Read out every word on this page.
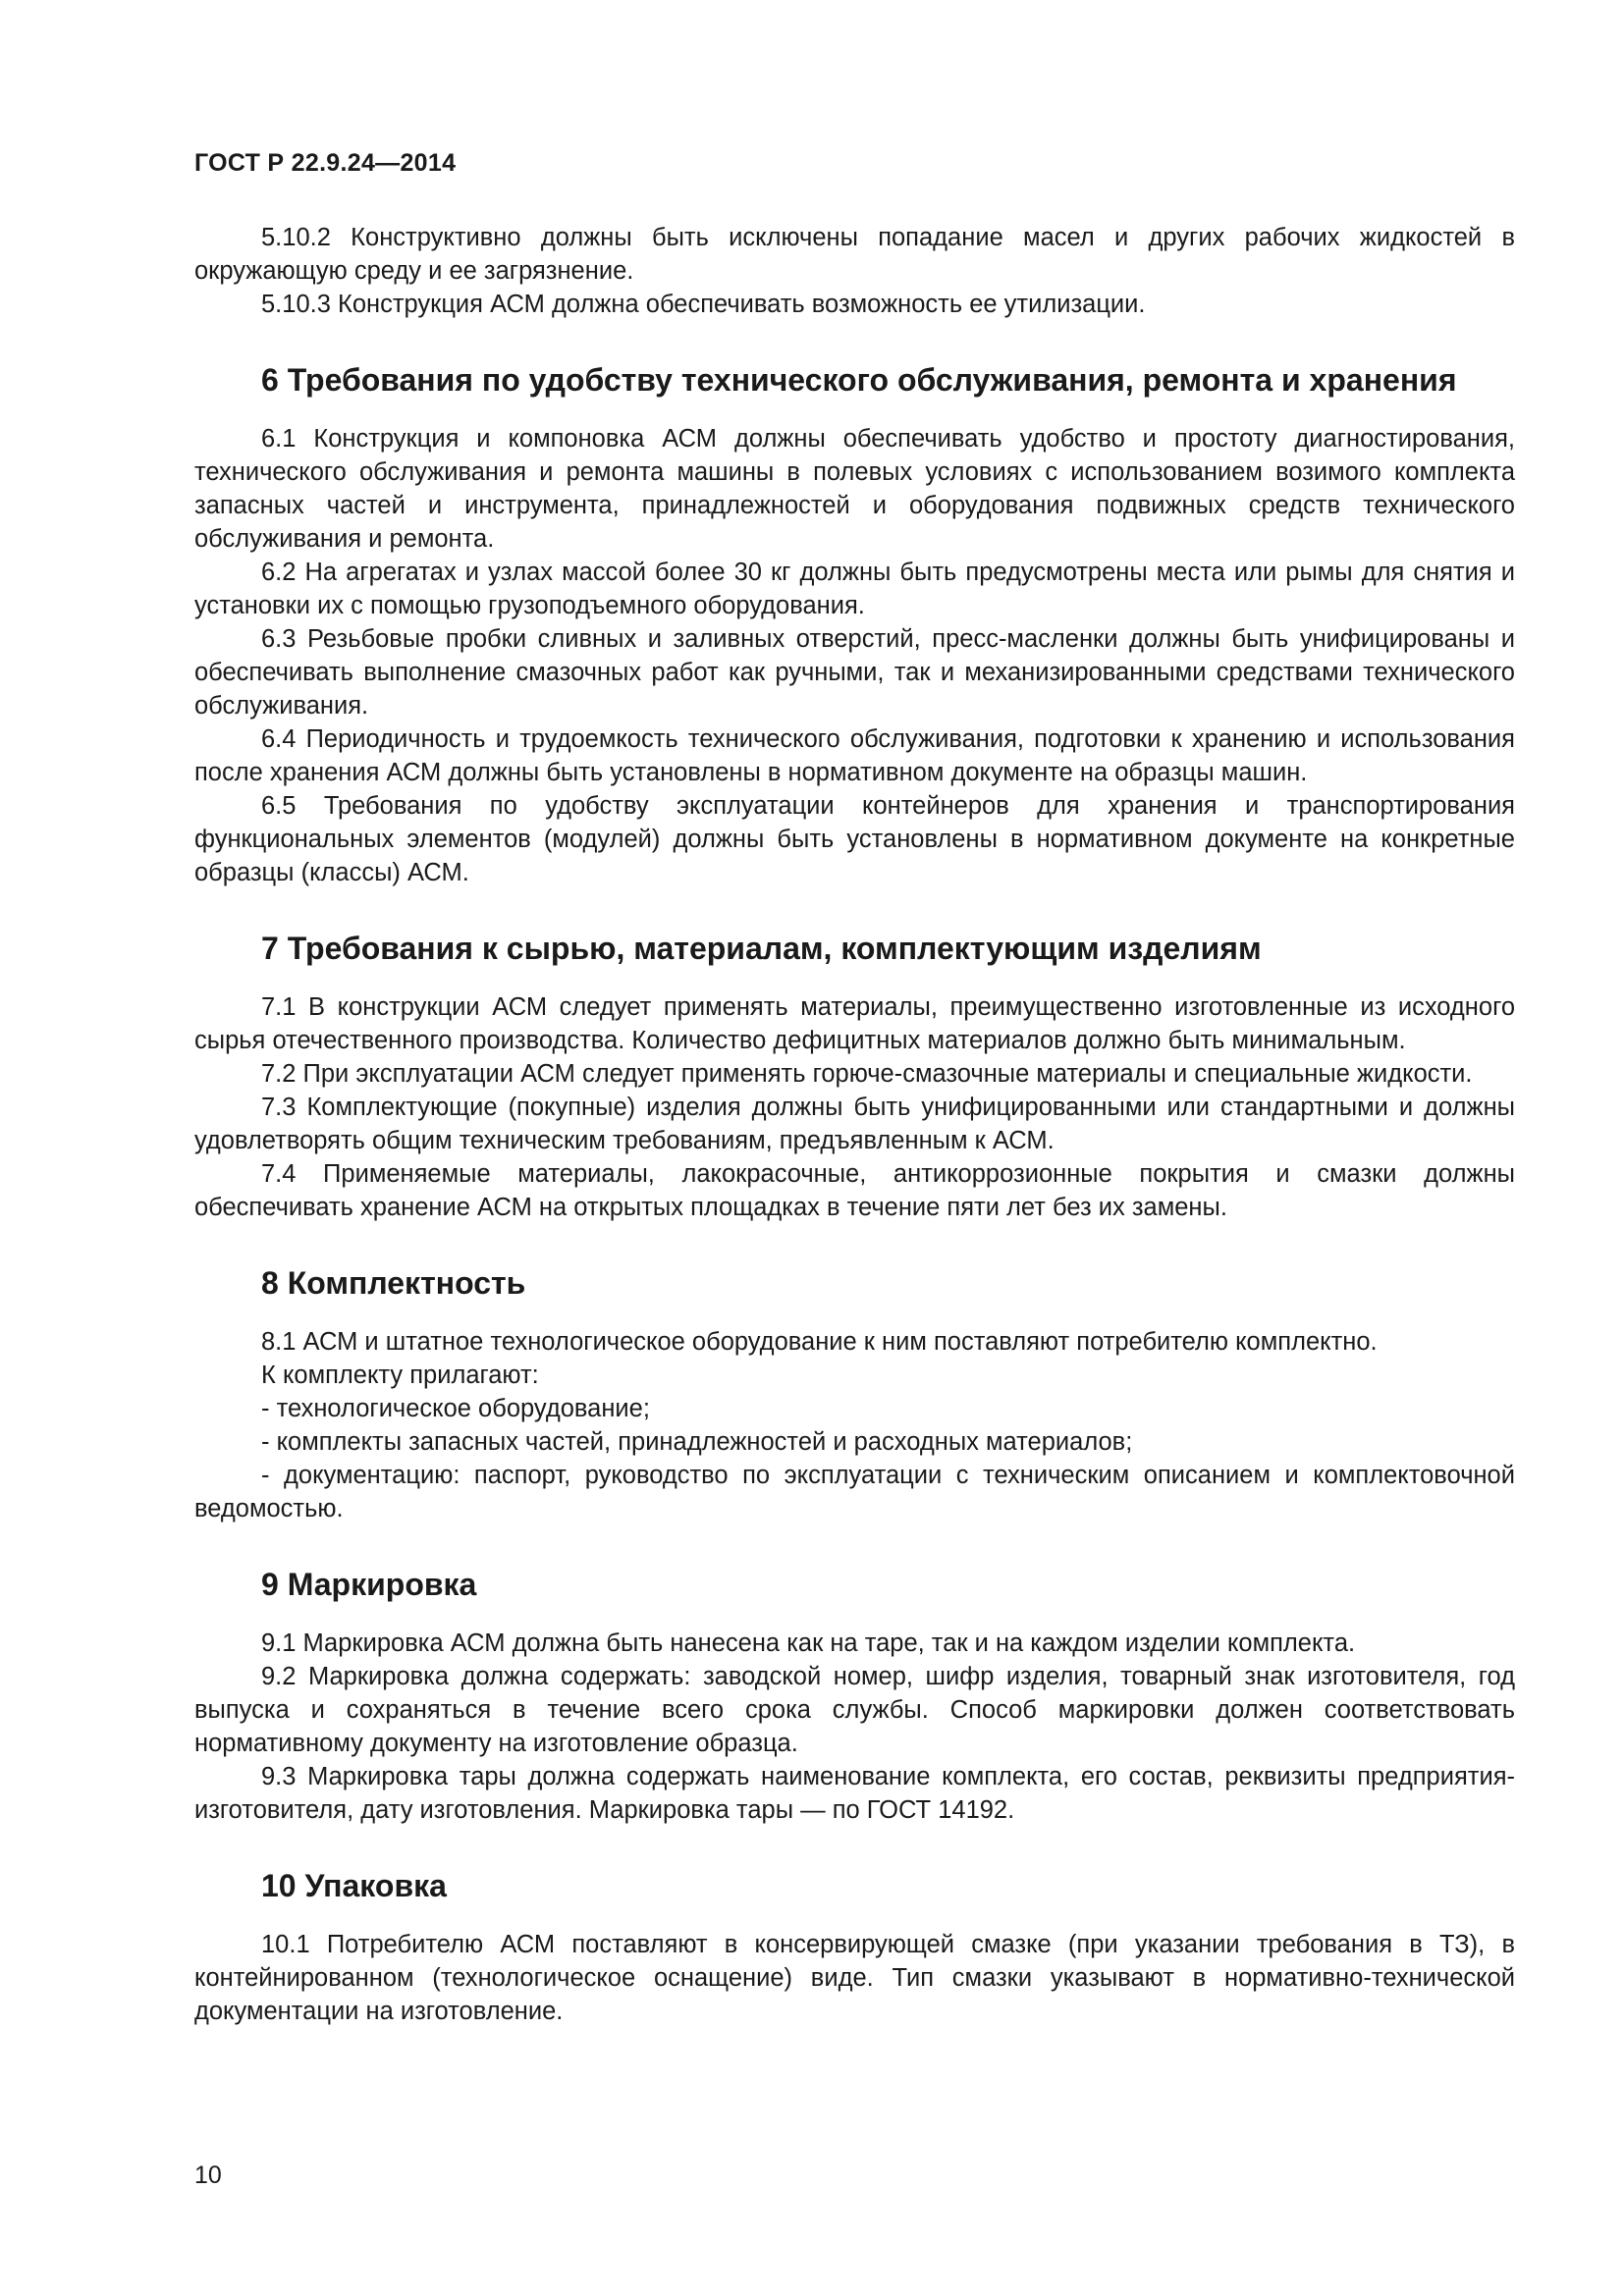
ГОСТ Р 22.9.24—2014

5.10.2 Конструктивно должны быть исключены попадание масел и других рабочих жидкостей в окружающую среду и ее загрязнение.

5.10.3 Конструкция АСМ должна обеспечивать возможность ее утилизации.

6 Требования по удобству технического обслуживания, ремонта и хранения

6.1 Конструкция и компоновка АСМ должны обеспечивать удобство и простоту диагностирования, технического обслуживания и ремонта машины в полевых условиях с использованием возимого комплекта запасных частей и инструмента, принадлежностей и оборудования подвижных средств технического обслуживания и ремонта.

6.2 На агрегатах и узлах массой более 30 кг должны быть предусмотрены места или рымы для снятия и установки их с помощью грузоподъемного оборудования.

6.3 Резьбовые пробки сливных и заливных отверстий, пресс-масленки должны быть унифицированы и обеспечивать выполнение смазочных работ как ручными, так и механизированными средствами технического обслуживания.

6.4 Периодичность и трудоемкость технического обслуживания, подготовки к хранению и использования после хранения АСМ должны быть установлены в нормативном документе на образцы машин.

6.5 Требования по удобству эксплуатации контейнеров для хранения и транспортирования функциональных элементов (модулей) должны быть установлены в нормативном документе на конкретные образцы (классы) АСМ.

7 Требования к сырью, материалам, комплектующим изделиям

7.1 В конструкции АСМ следует применять материалы, преимущественно изготовленные из исходного сырья отечественного производства. Количество дефицитных материалов должно быть минимальным.

7.2 При эксплуатации АСМ следует применять горюче-смазочные материалы и специальные жидкости.

7.3 Комплектующие (покупные) изделия должны быть унифицированными или стандартными и должны удовлетворять общим техническим требованиям, предъявленным к АСМ.

7.4 Применяемые материалы, лакокрасочные, антикоррозионные покрытия и смазки должны обеспечивать хранение АСМ на открытых площадках в течение пяти лет без их замены.

8 Комплектность

8.1 АСМ и штатное технологическое оборудование к ним поставляют потребителю комплектно.

К комплекту прилагают:

- технологическое оборудование;

- комплекты запасных частей, принадлежностей и расходных материалов;

- документацию: паспорт, руководство по эксплуатации с техническим описанием и комплектовочной ведомостью.

9 Маркировка

9.1 Маркировка АСМ должна быть нанесена как на таре, так и на каждом изделии комплекта.

9.2 Маркировка должна содержать: заводской номер, шифр изделия, товарный знак изготовителя, год выпуска и сохраняться в течение всего срока службы. Способ маркировки должен соответствовать нормативному документу на изготовление образца.

9.3 Маркировка тары должна содержать наименование комплекта, его состав, реквизиты предприятия-изготовителя, дату изготовления. Маркировка тары — по ГОСТ 14192.

10 Упаковка

10.1 Потребителю АСМ поставляют в консервирующей смазке (при указании требования в ТЗ), в контейнированном (технологическое оснащение) виде. Тип смазки указывают в нормативно-технической документации на изготовление.

10
